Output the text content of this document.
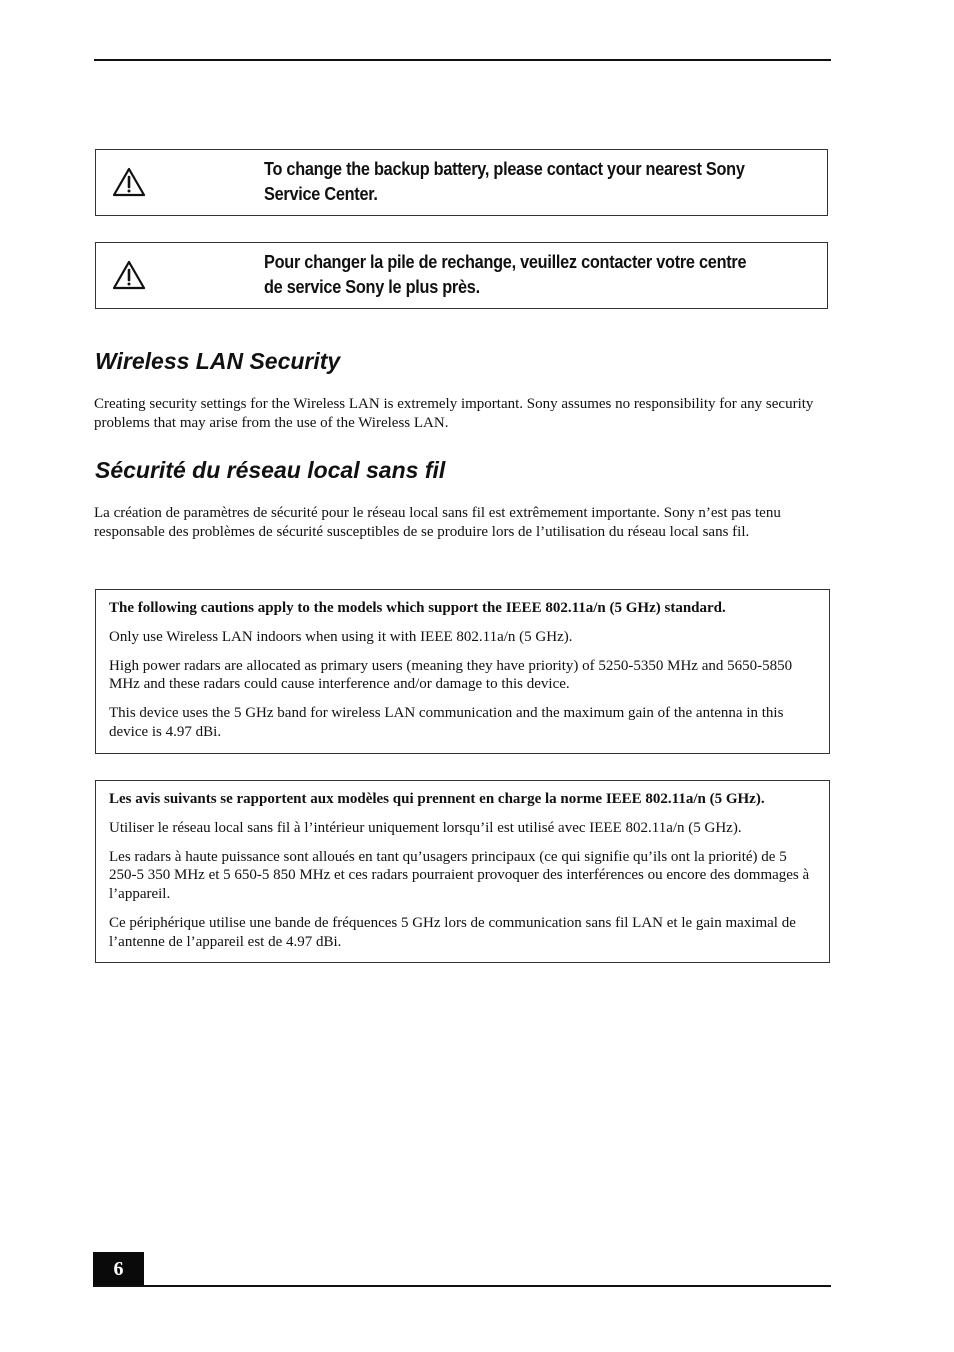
To change the backup battery, please contact your nearest Sony
Service Center.
Pour changer la pile de rechange, veuillez contacter votre centre
de service Sony le plus près.
Wireless LAN Security

Creating security settings for the Wireless LAN is extremely important. Sony assumes no responsibility for any security problems that may arise from the use of the Wireless LAN.

Sécurité du réseau local sans fil

La création de paramètres de sécurité pour le réseau local sans fil est extrêmement importante. Sony n’est pas tenu responsable des problèmes de sécurité susceptibles de se produire lors de l’utilisation du réseau local sans fil.

The following cautions apply to the models which support the IEEE 802.11a/n (5 GHz) standard.

Only use Wireless LAN indoors when using it with IEEE 802.11a/n (5 GHz).

High power radars are allocated as primary users (meaning they have priority) of 5250-5350 MHz and 5650-5850 MHz and these radars could cause interference and/or damage to this device.

This device uses the 5 GHz band for wireless LAN communication and the maximum gain of the antenna in this device is 4.97 dBi.

Les avis suivants se rapportent aux modèles qui prennent en charge la norme IEEE 802.11a/n (5 GHz).

Utiliser le réseau local sans fil à l’intérieur uniquement lorsqu’il est utilisé avec IEEE 802.11a/n (5 GHz).

Les radars à haute puissance sont alloués en tant qu’usagers principaux (ce qui signifie qu’ils ont la priorité) de 5 250-5 350 MHz et 5 650-5 850 MHz et ces radars pourraient provoquer des interférences ou encore des dommages à l’appareil.

Ce périphérique utilise une bande de fréquences 5 GHz lors de communication sans fil LAN et le gain maximal de l’antenne de l’appareil est de 4.97 dBi.

6
